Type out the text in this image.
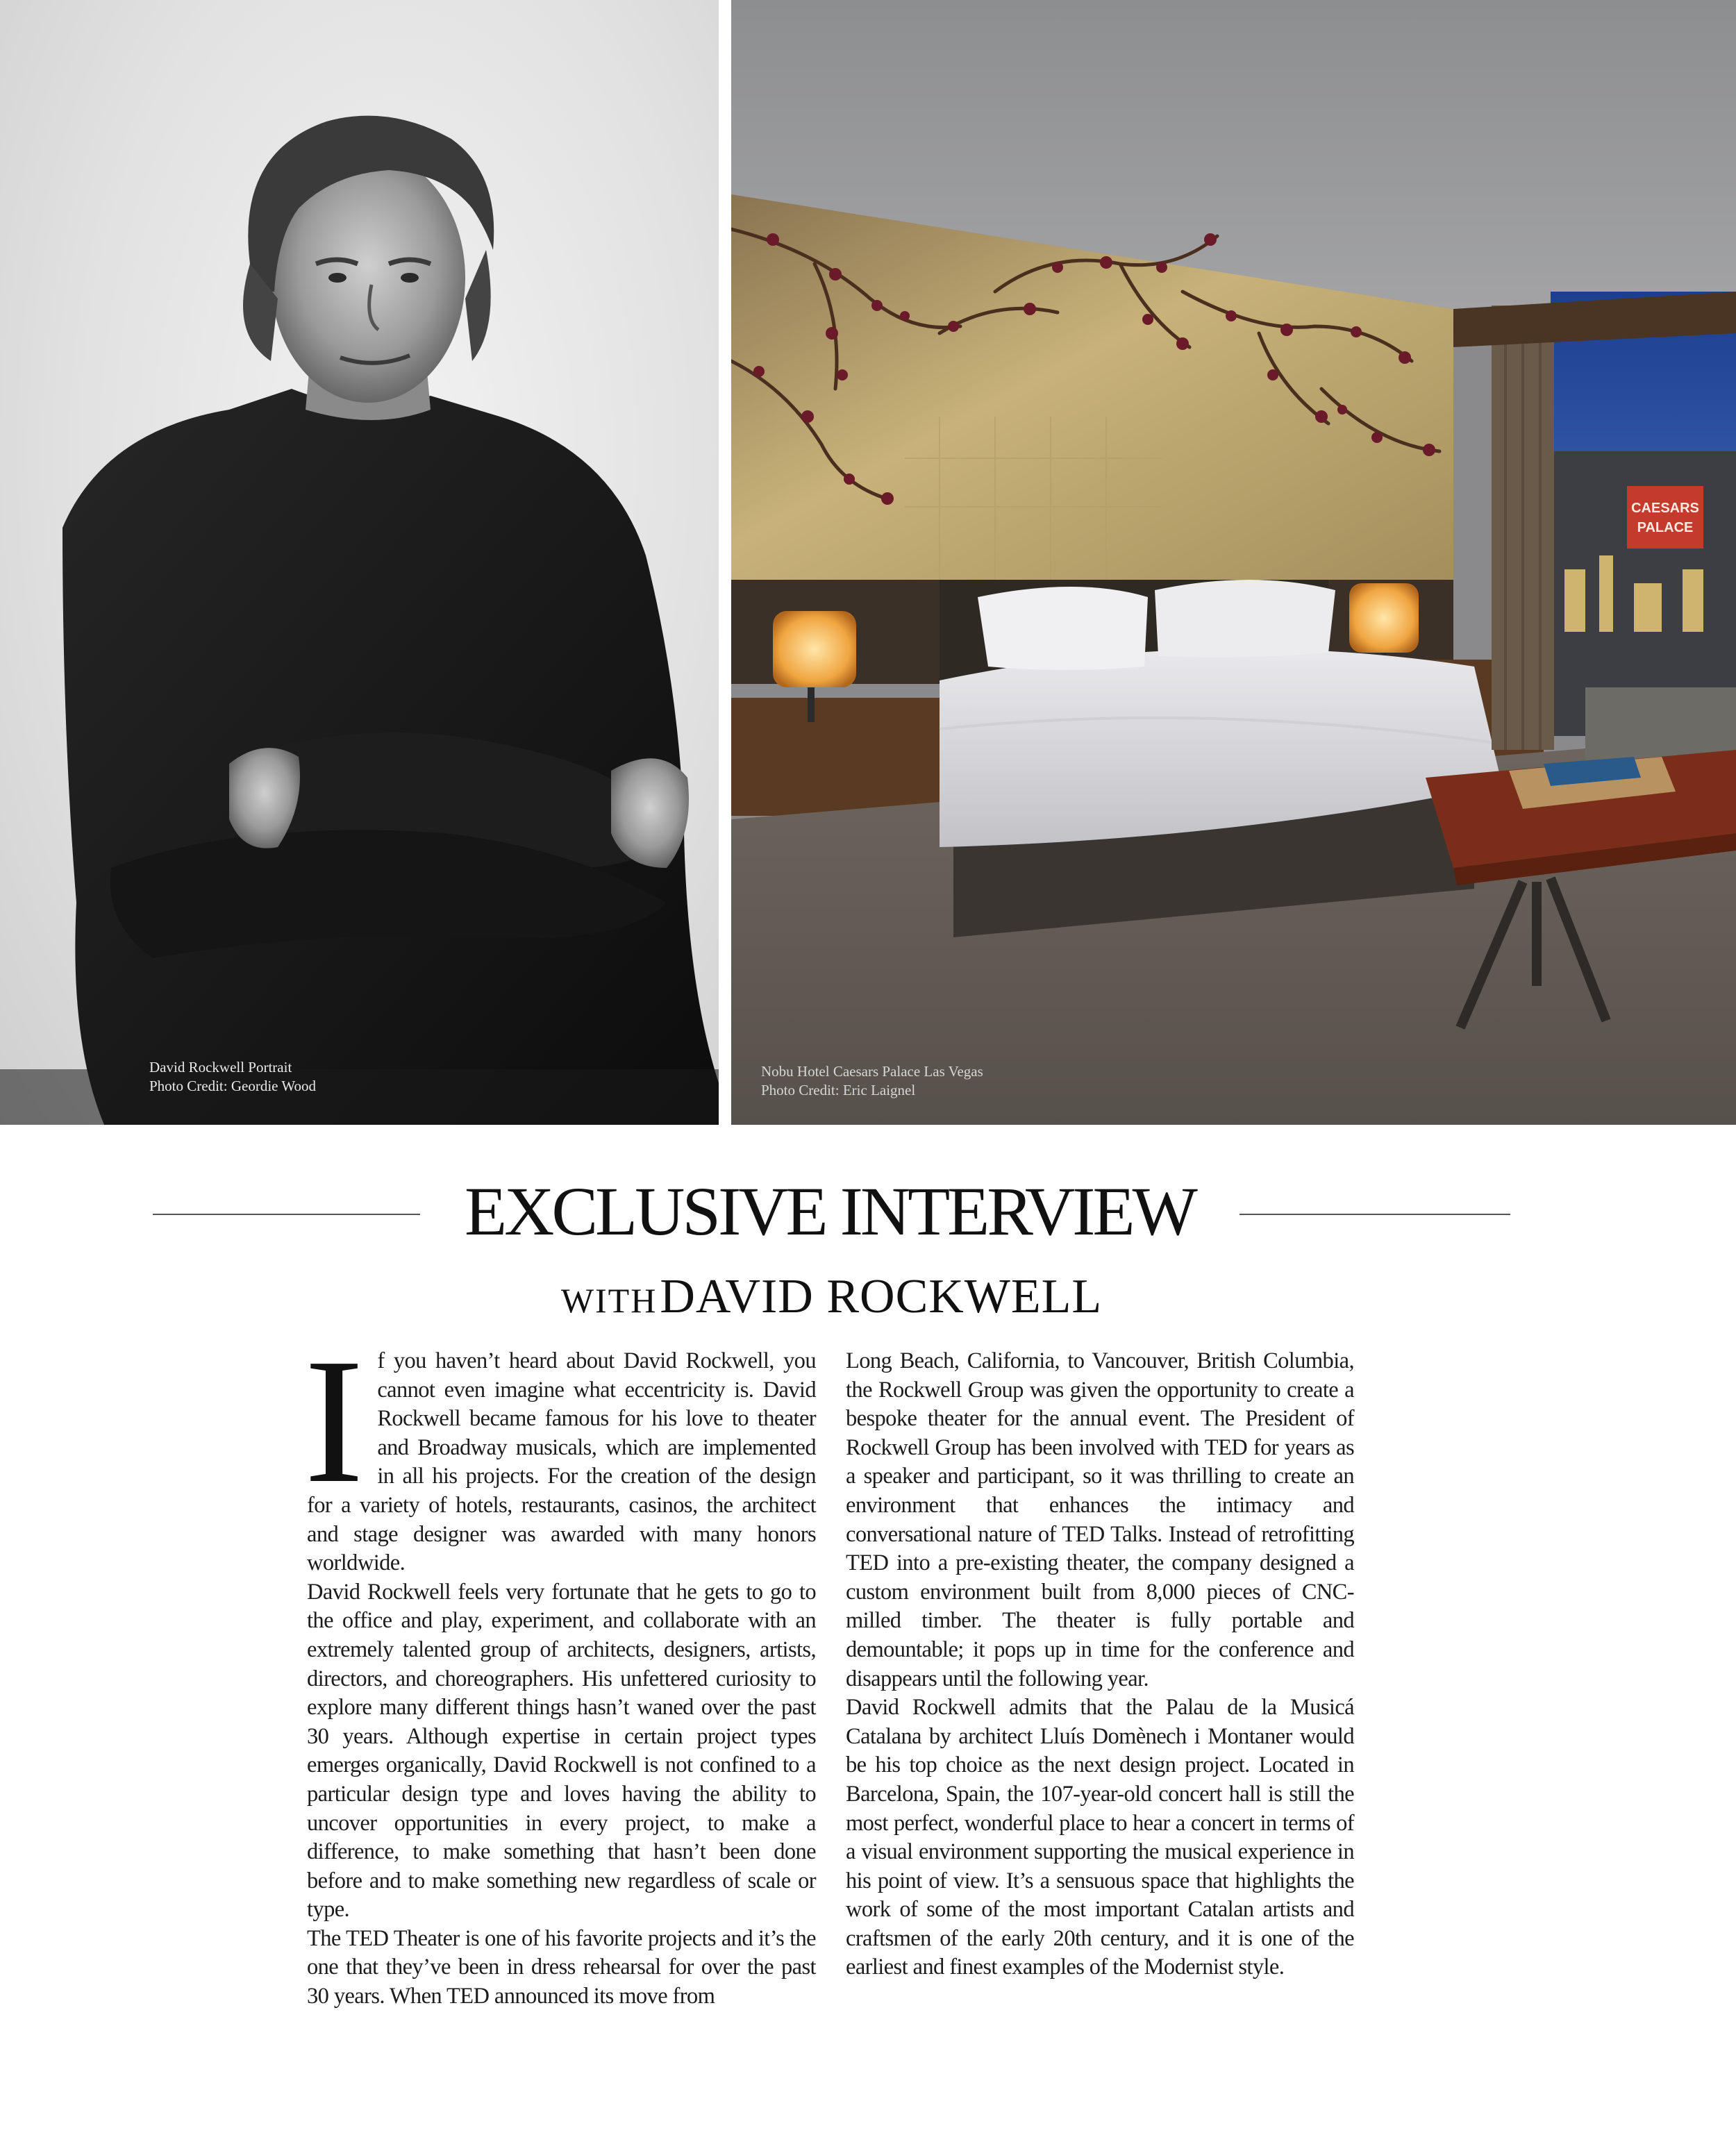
David Rockwell Portrait
Photo Credit: Geordie Wood
CAESARS
PALACE
Nobu Hotel Caesars Palace Las Vegas
Photo Credit: Eric Laignel
EXCLUSIVE INTERVIEW
WITH DAVID ROCKWELL

I f you haven’t heard about David Rockwell, you cannot even imagine what eccentricity is. David Rockwell became famous for his love to theater and Broadway musicals, which are implemented in all his projects. For the creation of the design for a variety of hotels, restaurants, casinos, the architect and stage designer was awarded with many honors worldwide.

David Rockwell feels very fortunate that he gets to go to the office and play, experiment, and collaborate with an extremely talented group of architects, designers, artists, directors, and choreographers. His unfettered curiosity to explore many different things hasn’t waned over the past 30 years. Although expertise in certain project types emerges organically, David Rockwell is not confined to a particular design type and loves having the ability to uncover opportunities in every project, to make a difference, to make something that hasn’t been done before and to make something new regardless of scale or type.

The TED Theater is one of his favorite projects and it’s the one that they’ve been in dress rehearsal for over the past 30 years. When TED announced its move from

Long Beach, California, to Vancouver, British Columbia, the Rockwell Group was given the opportunity to create a bespoke theater for the annual event. The President of Rockwell Group has been involved with TED for years as a speaker and participant, so it was thrilling to create an environment that enhances the intimacy and conversational nature of TED Talks. Instead of retrofitting TED into a pre-existing theater, the company designed a custom environment built from 8,000 pieces of CNC-milled timber. The theater is fully portable and demountable; it pops up in time for the conference and disappears until the following year.

David Rockwell admits that the Palau de la Musicá Catalana by architect Lluís Domènech i Montaner would be his top choice as the next design project. Located in Barcelona, Spain, the 107-year-old concert hall is still the most perfect, wonderful place to hear a concert in terms of a visual environment supporting the musical experience in his point of view. It’s a sensuous space that highlights the work of some of the most important Catalan artists and craftsmen of the early 20th century, and it is one of the earliest and finest examples of the Modernist style.
